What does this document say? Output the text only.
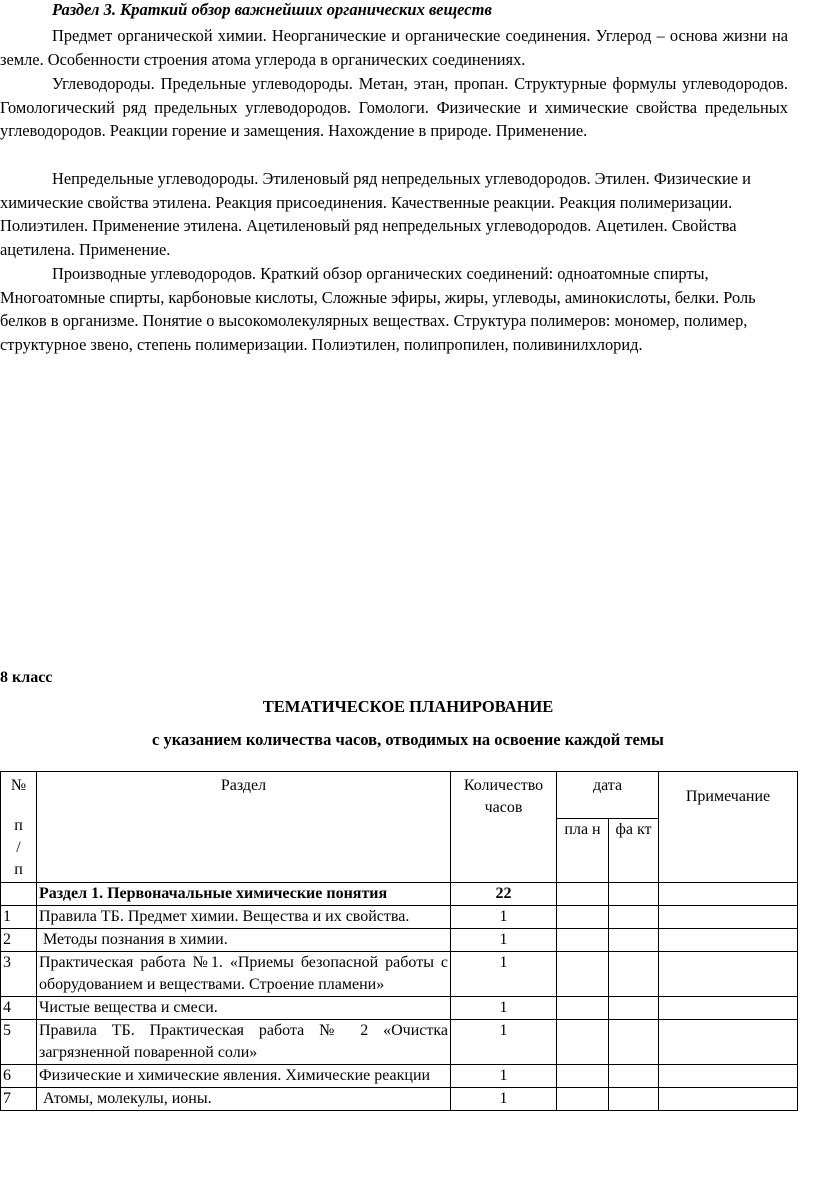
Раздел 3. Краткий обзор важнейших органических веществ

Предмет органической химии. Неорганические и органические соединения. Углерод – основа жизни на земле. Особенности строения атома углерода в органических соединениях.

Углеводороды. Предельные углеводороды. Метан, этан, пропан. Структурные формулы углеводородов. Гомологический ряд предельных углеводородов. Гомологи. Физические и химические свойства предельных углеводородов. Реакции горение и замещения. Нахождение в природе. Применение.

Непредельные углеводороды. Этиленовый ряд непредельных углеводородов. Этилен. Физические и химические свойства этилена. Реакция присоединения. Качественные реакции. Реакция полимеризации. Полиэтилен. Применение этилена. Ацетиленовый ряд непредельных углеводородов. Ацетилен. Свойства ацетилена. Применение.

Производные углеводородов. Краткий обзор органических соединений: одноатомные спирты, Многоатомные спирты, карбоновые кислоты, Сложные эфиры, жиры, углеводы, аминокислоты, белки. Роль белков в организме. Понятие о высокомолекулярных веществах. Структура полимеров: мономер, полимер, структурное звено, степень полимеризации. Полиэтилен, полипропилен, поливинилхлорид.

8 класс
ТЕМАТИЧЕСКОЕ ПЛАНИРОВАНИЕ
с указанием количества часов, отводимых на освоение каждой темы
№
п
/
п	Раздел	Количество часов	дата		Примечание
			пла н	фа кт	
	Раздел 1. Первоначальные химические понятия	22			
1	Правила ТБ. Предмет химии. Вещества и их свойства.	1			
2	Методы познания в химии.	1			
3	Практическая работа №1. «Приемы безопасной работы с оборудованием и веществами. Строение пламени»	1			
4	Чистые вещества и смеси.	1			
5	Правила ТБ. Практическая работа № 2 «Очистка загрязненной поваренной соли»	1			
6	Физические и химические явления. Химические реакции	1			
7	Атомы, молекулы, ионы.	1			
